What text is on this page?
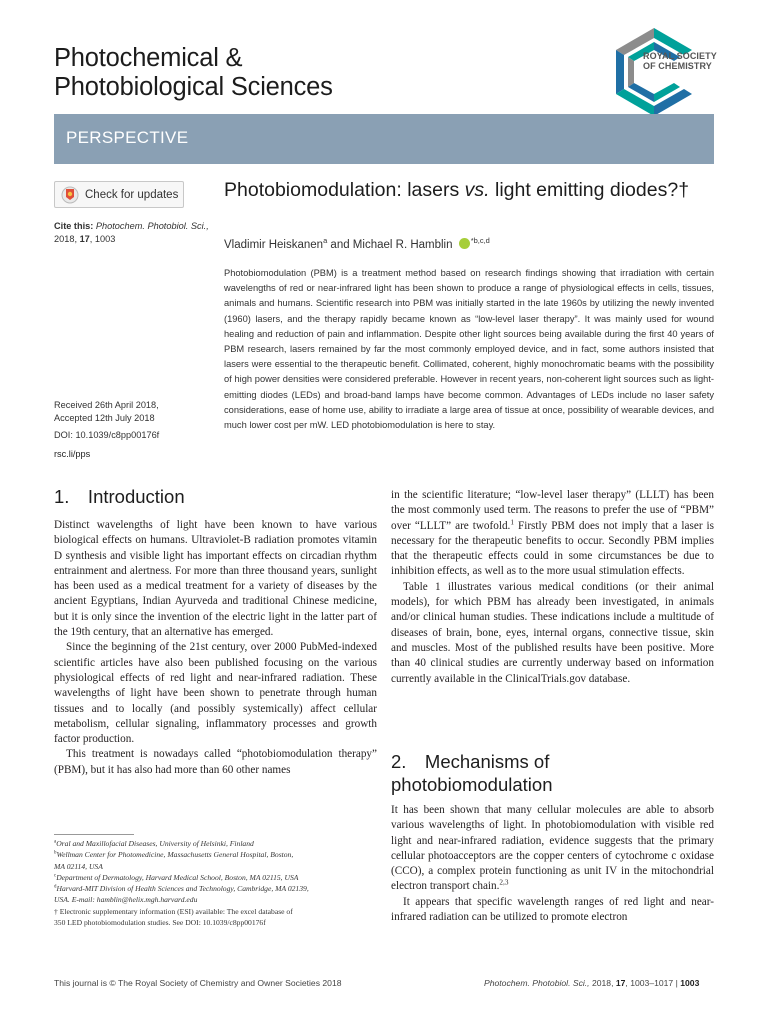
Photochemical &
Photobiological Sciences
ROYAL SOCIETY
OF CHEMISTRY
PERSPECTIVE
Check for updates
Cite this: Photochem. Photobiol. Sci.,
2018, 17, 1003
Received 26th April 2018,
Accepted 12th July 2018
DOI: 10.1039/c8pp00176f
rsc.li/pps
Photobiomodulation: lasers vs. light emitting diodes?†
Vladimir Heiskanen$^a$ and Michael R. Hamblin $^{*b,c,d}$

Photobiomodulation (PBM) is a treatment method based on research findings showing that irradiation with certain wavelengths of red or near-infrared light has been shown to produce a range of physiological effects in cells, tissues, animals and humans. Scientific research into PBM was initially started in the late 1960s by utilizing the newly invented (1960) lasers, and the therapy rapidly became known as “low-level laser therapy”. It was mainly used for wound healing and reduction of pain and inflammation. Despite other light sources being available during the first 40 years of PBM research, lasers remained by far the most commonly employed device, and in fact, some authors insisted that lasers were essential to the therapeutic benefit. Collimated, coherent, highly monochromatic beams with the possibility of high power densities were considered preferable. However in recent years, non-coherent light sources such as light-emitting diodes (LEDs) and broad-band lamps have become common. Advantages of LEDs include no laser safety considerations, ease of home use, ability to irradiate a large area of tissue at once, possibility of wearable devices, and much lower cost per mW. LED photobiomodulation is here to stay.

1. Introduction

Distinct wavelengths of light have been known to have various biological effects on humans. Ultraviolet-B radiation promotes vitamin D synthesis and visible light has important effects on circadian rhythm entrainment and alertness. For more than three thousand years, sunlight has been used as a medical treatment for a variety of diseases by the ancient Egyptians, Indian Ayurveda and traditional Chinese medicine, but it is only since the invention of the electric light in the latter part of the 19th century, that an alternative has emerged.

Since the beginning of the 21st century, over 2000 PubMed-indexed scientific articles have also been published focusing on the various physiological effects of red light and near-infrared radiation. These wavelengths of light have been shown to penetrate through human tissues and to locally (and possibly systemically) affect cellular metabolism, cellular signaling, inflammatory processes and growth factor production.

This treatment is nowadays called “photobiomodulation therapy” (PBM), but it has also had more than 60 other names

$^a$Oral and Maxillofacial Diseases, University of Helsinki, Finland
$^b$Wellman Center for Photomedicine, Massachusetts General Hospital, Boston,
MA 02114, USA
$^c$Department of Dermatology, Harvard Medical School, Boston, MA 02115, USA
$^d$Harvard-MIT Division of Health Sciences and Technology, Cambridge, MA 02139,
USA. E-mail: hamblin@helix.mgh.harvard.edu
† Electronic supplementary information (ESI) available: The excel database of
350 LED photobiomodulation studies. See DOI: 10.1039/c8pp00176f

in the scientific literature; “low-level laser therapy” (LLLT) has been the most commonly used term. The reasons to prefer the use of “PBM” over “LLLT” are twofold.$^1$ Firstly PBM does not imply that a laser is necessary for the therapeutic benefits to occur. Secondly PBM implies that the therapeutic effects could in some circumstances be due to inhibition effects, as well as to the more usual stimulation effects.

Table 1 illustrates various medical conditions (or their animal models), for which PBM has already been investigated, in animals and/or clinical human studies. These indications include a multitude of diseases of brain, bone, eyes, internal organs, connective tissue, skin and muscles. Most of the published results have been positive. More than 40 clinical studies are currently underway based on information currently available in the ClinicalTrials.gov database.

2. Mechanisms of
photobiomodulation

It has been shown that many cellular molecules are able to absorb various wavelengths of light. In photobiomodulation with visible red light and near-infrared radiation, evidence suggests that the primary cellular photoacceptors are the copper centers of cytochrome c oxidase (CCO), a complex protein functioning as unit IV in the mitochondrial electron transport chain.$^{2,3}$

It appears that specific wavelength ranges of red light and near-infrared radiation can be utilized to promote electron

This journal is © The Royal Society of Chemistry and Owner Societies 2018	Photochem. Photobiol. Sci., 2018, 17, 1003–1017 | 1003
